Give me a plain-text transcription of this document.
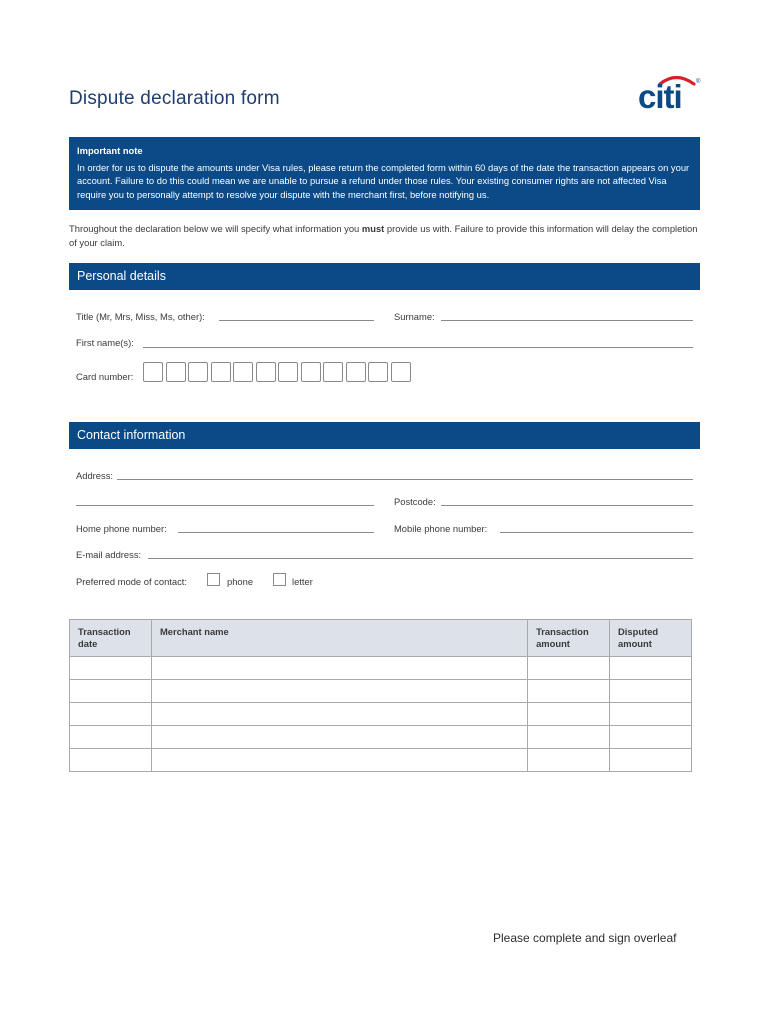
Dispute declaration form	citi ®
Important note
In order for us to dispute the amounts under Visa rules, please return the completed form within 60 days of the date the transaction appears on your account. Failure to do this could mean we are unable to pursue a refund under those rules. Your existing consumer rights are not affected Visa require you to personally attempt to resolve your dispute with the merchant first, before notifying us.
Throughout the declaration below we will specify what information you must provide us with. Failure to provide this information will delay the completion of your claim.
Personal details
Title (Mr, Mrs, Miss, Ms, other):	Surname:
First name(s):
Card number:
Contact information
Address:
Postcode:
Home phone number:	Mobile phone number:
E-mail address:
Preferred mode of contact:	phone	letter
Transaction date	Merchant name	Transaction amount	Disputed amount

Please complete and sign overleaf
